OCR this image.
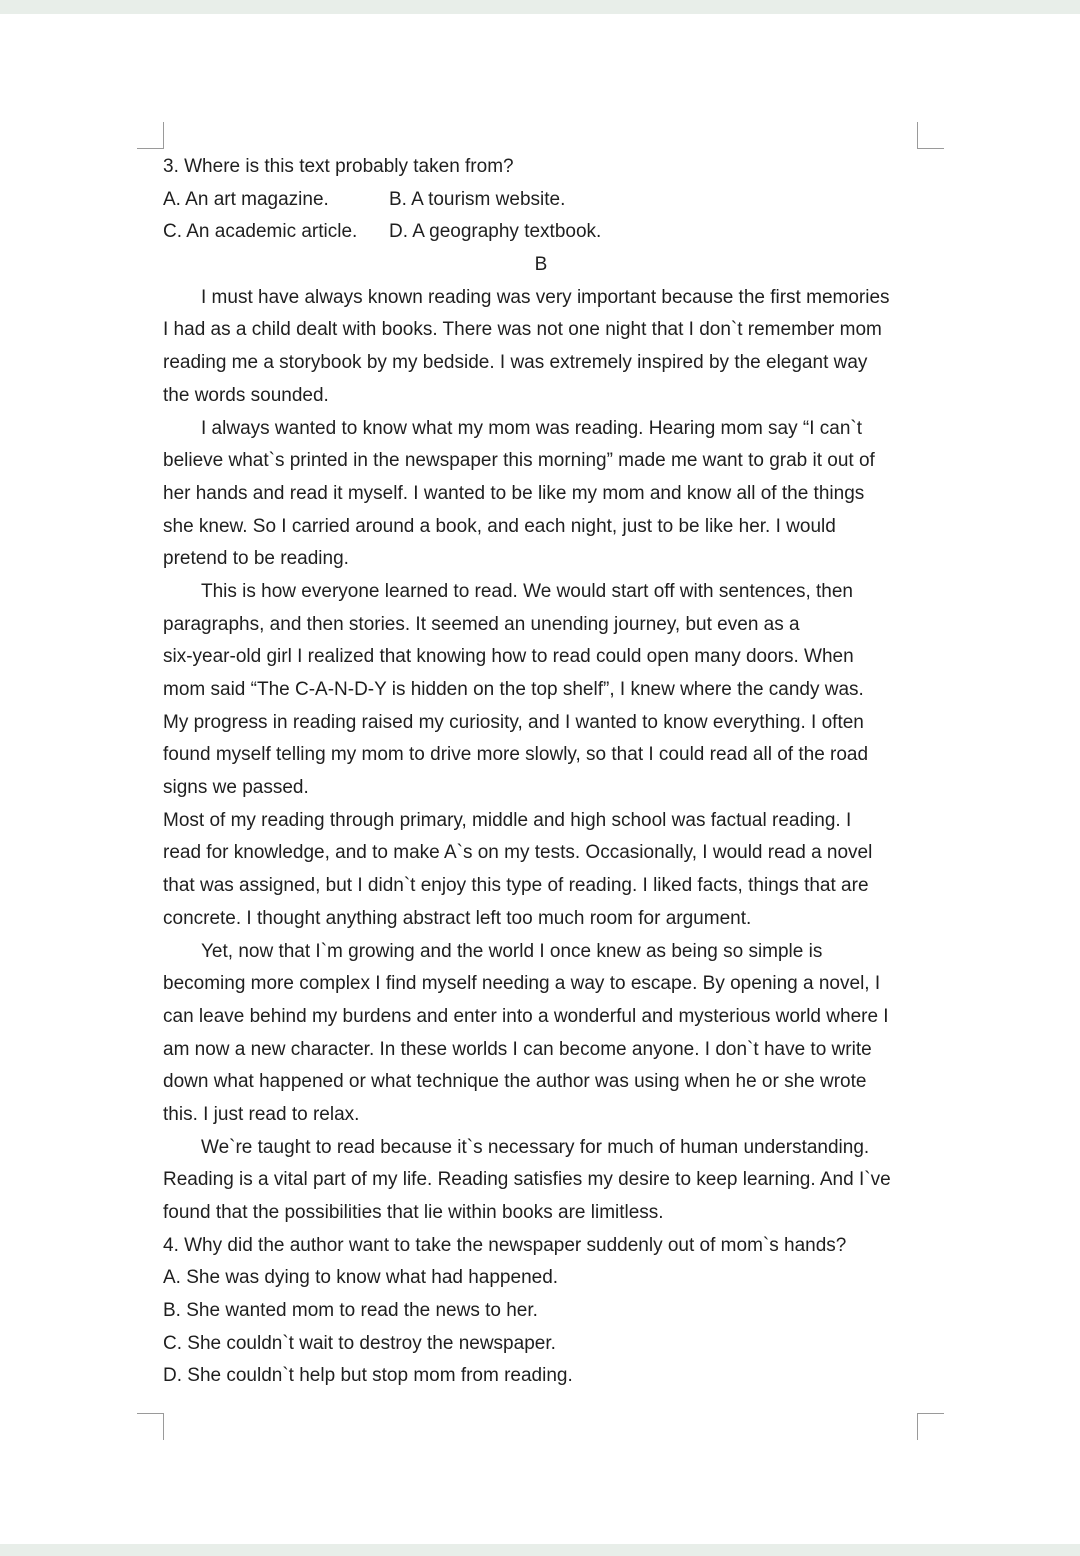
3. Where is this text probably taken from?
A. An art magazine.	B. A tourism website.
C. An academic article.	D. A geography textbook.
B
I must have always known reading was very important because the first memories
I had as a child dealt with books. There was not one night that I don`t remember mom
reading me a storybook by my bedside. I was extremely inspired by the elegant way
the words sounded.
I always wanted to know what my mom was reading. Hearing mom say “I can`t
believe what`s printed in the newspaper this morning” made me want to grab it out of
her hands and read it myself. I wanted to be like my mom and know all of the things
she knew. So I carried around a book, and each night, just to be like her. I would
pretend to be reading.
This is how everyone learned to read. We would start off with sentences, then
paragraphs, and then stories. It seemed an unending journey, but even as a
six-year-old girl I realized that knowing how to read could open many doors. When
mom said “The C-A-N-D-Y is hidden on the top shelf”, I knew where the candy was.
My progress in reading raised my curiosity, and I wanted to know everything. I often
found myself telling my mom to drive more slowly, so that I could read all of the road
signs we passed.
Most of my reading through primary, middle and high school was factual reading. I
read for knowledge, and to make A`s on my tests. Occasionally, I would read a novel
that was assigned, but I didn`t enjoy this type of reading. I liked facts, things that are
concrete. I thought anything abstract left too much room for argument.
Yet, now that I`m growing and the world I once knew as being so simple is
becoming more complex I find myself needing a way to escape. By opening a novel, I
can leave behind my burdens and enter into a wonderful and mysterious world where I
am now a new character. In these worlds I can become anyone. I don`t have to write
down what happened or what technique the author was using when he or she wrote
this. I just read to relax.
We`re taught to read because it`s necessary for much of human understanding.
Reading is a vital part of my life. Reading satisfies my desire to keep learning. And I`ve
found that the possibilities that lie within books are limitless.
4. Why did the author want to take the newspaper suddenly out of mom`s hands?
A. She was dying to know what had happened.
B. She wanted mom to read the news to her.
C. She couldn`t wait to destroy the newspaper.
D. She couldn`t help but stop mom from reading.
